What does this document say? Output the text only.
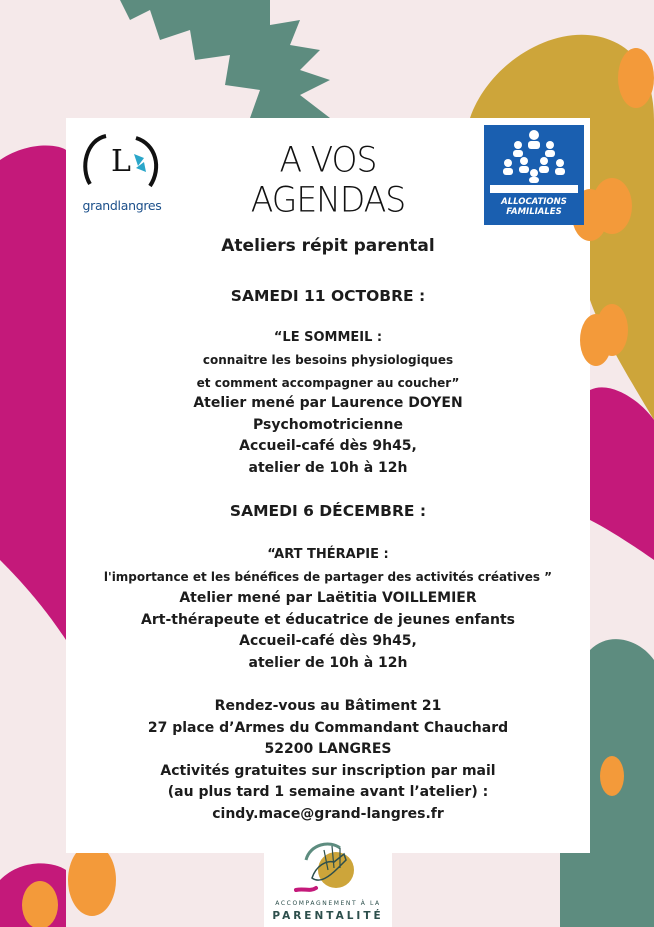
L
grandlangres
A VOS
AGENDAS	ALLOCATIONS
FAMILIALES
Ateliers répit parental
SAMEDI 11 OCTOBRE :
“LE SOMMEIL :
connaitre les besoins physiologiques
et comment accompagner au coucher”
Atelier mené par Laurence DOYEN
Psychomotricienne
Accueil-café dès 9h45,
atelier de 10h à 12h
SAMEDI 6 DÉCEMBRE :
“ART THÉRAPIE :
l'importance et les bénéfices de partager des activités créatives ”
Atelier mené par Laëtitia VOILLEMIER
Art-thérapeute et éducatrice de jeunes enfants
Accueil-café dès 9h45,
atelier de 10h à 12h
Rendez-vous au Bâtiment 21
27 place d’Armes du Commandant Chauchard
52200 LANGRES
Activités gratuites sur inscription par mail
(au plus tard 1 semaine avant l’atelier) :
cindy.mace@grand-langres.fr
ACCOMPAGNEMENT À LA
PARENTALITÉ
